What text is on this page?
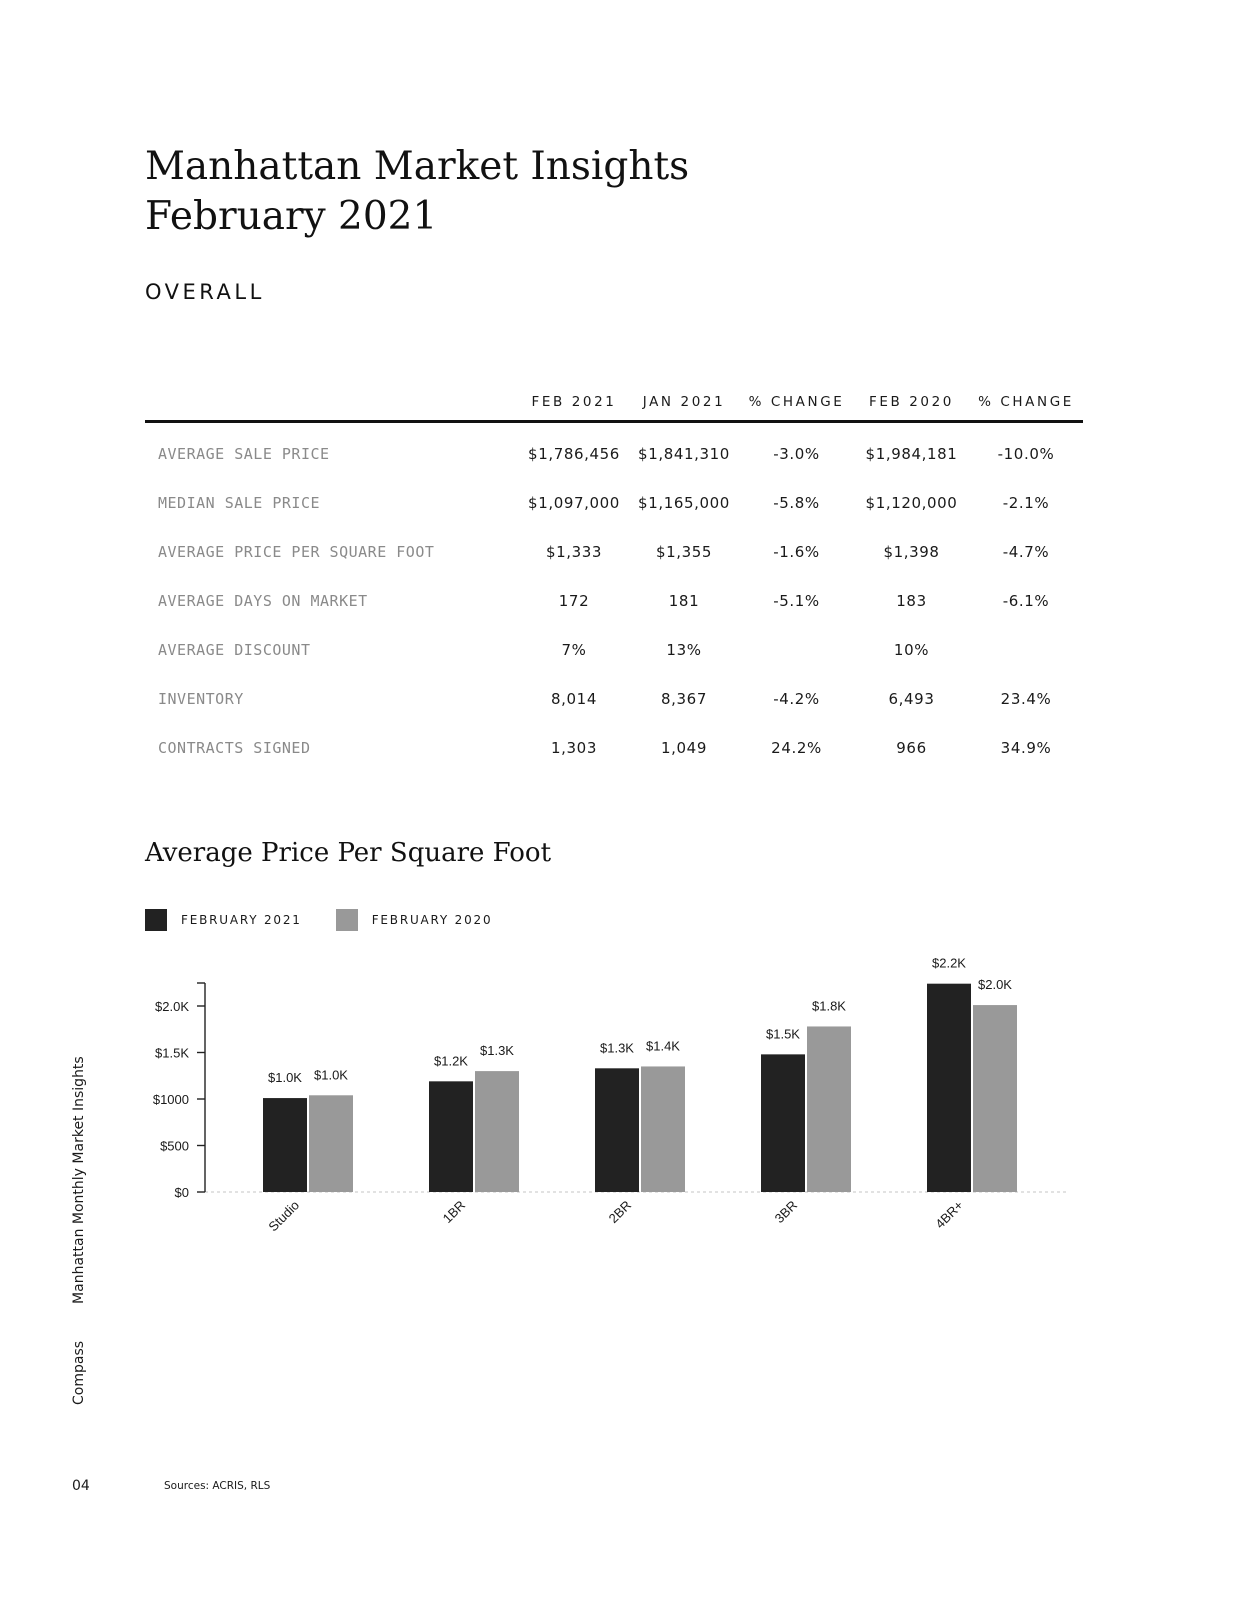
Manhattan Market Insights
February 2021
OVERALL
	FEB 2021	JAN 2021	% CHANGE	FEB 2020	% CHANGE
AVERAGE SALE PRICE	$1,786,456	$1,841,310	-3.0%	$1,984,181	-10.0%
MEDIAN SALE PRICE	$1,097,000	$1,165,000	-5.8%	$1,120,000	-2.1%
AVERAGE PRICE PER SQUARE FOOT	$1,333	$1,355	-1.6%	$1,398	-4.7%
AVERAGE DAYS ON MARKET	172	181	-5.1%	183	-6.1%
AVERAGE DISCOUNT	7%	13%		10%	
INVENTORY	8,014	8,367	-4.2%	6,493	23.4%
CONTRACTS SIGNED	1,303	1,049	24.2%	966	34.9%
Average Price Per Square Foot
FEBRUARY 2021	FEBRUARY 2020
$0
$500
$1000
$1.5K
$2.0K
$1.0K $1.0K
Studio
$1.2K
$1.3K
1BR
$1.3K $1.4K
2BR
$1.5K
$1.8K
3BR
$2.2K
$2.0K
4BR+
CompassManhattan Monthly Market Insights
04	Sources: ACRIS, RLS
